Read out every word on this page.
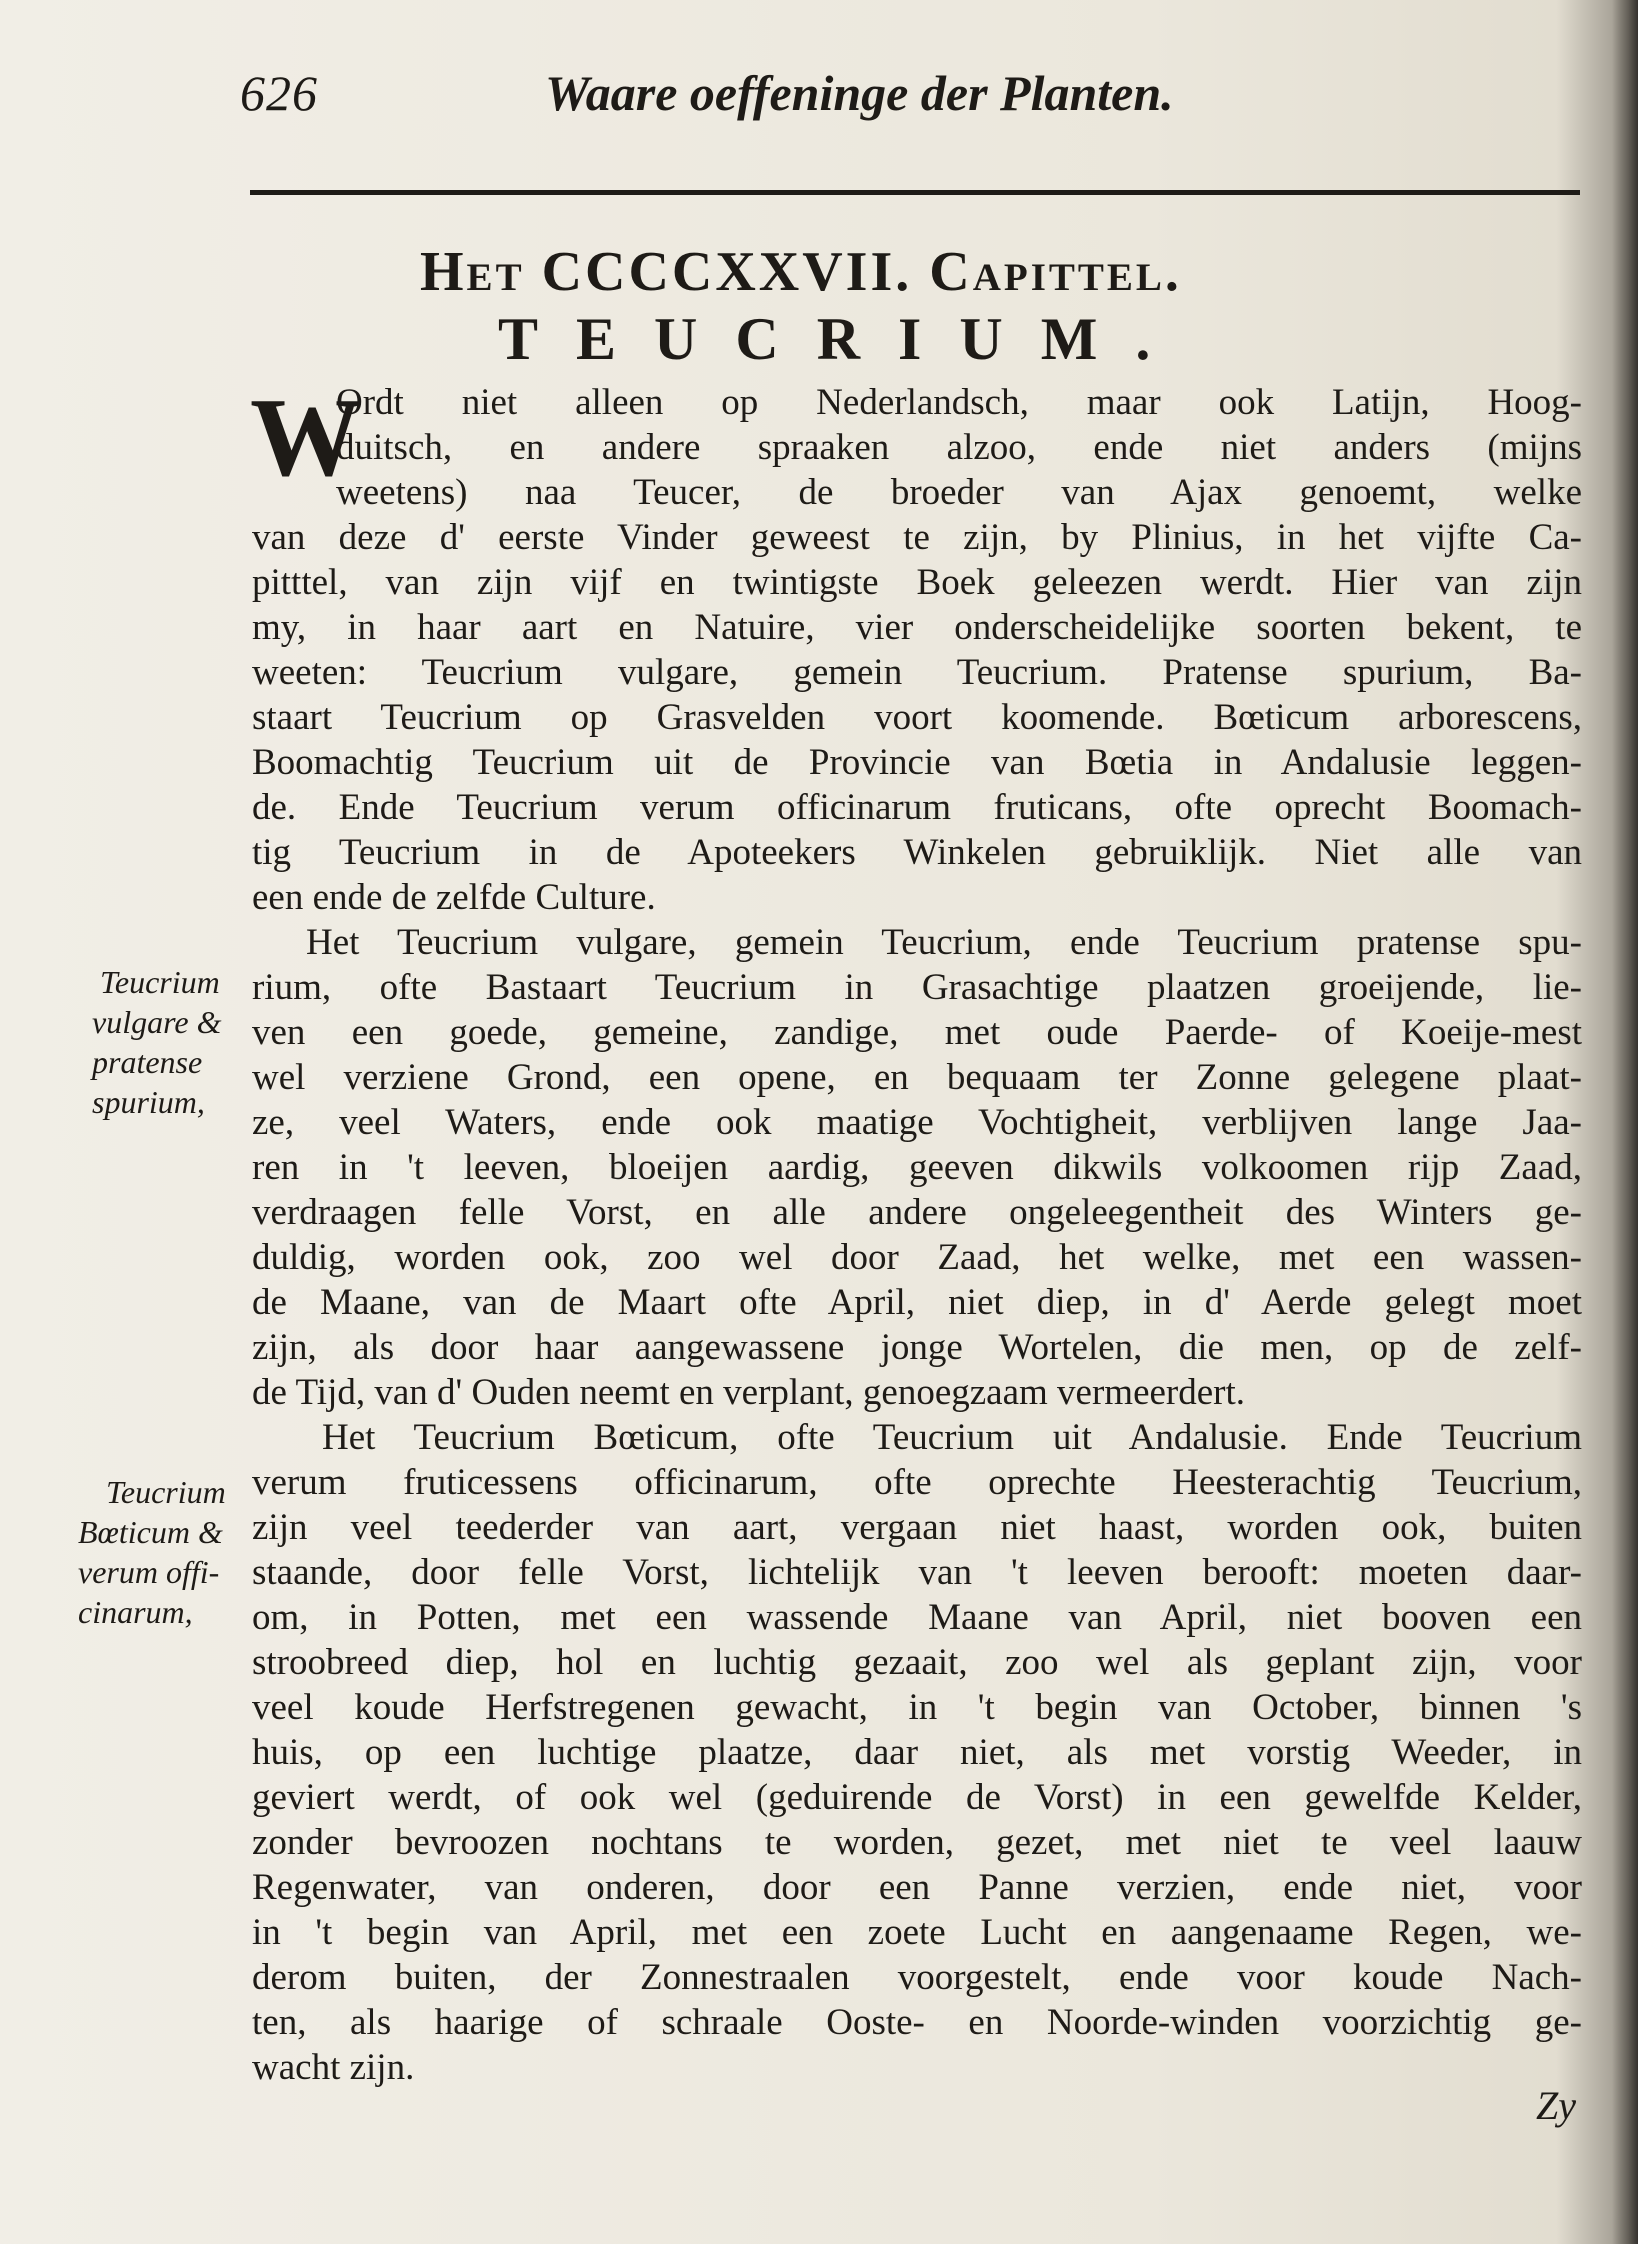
626	Waare oeffeninge der Planten.
Het CCCCXXVII. Capittel.
TEUCRIUM.
W
Ordt niet alleen op Nederlandsch, maar ook Latijn, Hoog-
duitsch, en andere spraaken alzoo, ende niet anders (mijns
weetens) naa Teucer, de broeder van Ajax genoemt, welke
van deze d' eerste Vinder geweest te zijn, by Plinius, in het vijfte Ca-
pitttel, van zijn vijf en twintigste Boek geleezen werdt. Hier van zijn
my, in haar aart en Natuire, vier onderscheidelijke soorten bekent, te
weeten: Teucrium vulgare, gemein Teucrium. Pratense spurium, Ba-
staart Teucrium op Grasvelden voort koomende. Bœticum arborescens,
Boomachtig Teucrium uit de Provincie van Bœtia in Andalusie leggen-
de. Ende Teucrium verum officinarum fruticans, ofte oprecht Boomach-
tig Teucrium in de Apoteekers Winkelen gebruiklijk. Niet alle van
een ende de zelfde Culture.
Het Teucrium vulgare, gemein Teucrium, ende Teucrium pratense spu-
rium, ofte Bastaart Teucrium in Grasachtige plaatzen groeijende, lie-
ven een goede, gemeine, zandige, met oude Paerde- of Koeije-mest
wel verziene Grond, een opene, en bequaam ter Zonne gelegene plaat-
ze, veel Waters, ende ook maatige Vochtigheit, verblijven lange Jaa-
ren in 't leeven, bloeijen aardig, geeven dikwils volkoomen rijp Zaad,
verdraagen felle Vorst, en alle andere ongeleegentheit des Winters ge-
duldig, worden ook, zoo wel door Zaad, het welke, met een wassen-
de Maane, van de Maart ofte April, niet diep, in d' Aerde gelegt moet
zijn, als door haar aangewassene jonge Wortelen, die men, op de zelf-
de Tijd, van d' Ouden neemt en verplant, genoegzaam vermeerdert.
Het Teucrium Bœticum, ofte Teucrium uit Andalusie. Ende Teucrium
verum fruticessens officinarum, ofte oprechte Heesterachtig Teucrium,
zijn veel teederder van aart, vergaan niet haast, worden ook, buiten
staande, door felle Vorst, lichtelijk van 't leeven berooft: moeten daar-
om, in Potten, met een wassende Maane van April, niet booven een
stroobreed diep, hol en luchtig gezaait, zoo wel als geplant zijn, voor
veel koude Herfstregenen gewacht, in 't begin van October, binnen 's
huis, op een luchtige plaatze, daar niet, als met vorstig Weeder, in
geviert werdt, of ook wel (geduirende de Vorst) in een gewelfde Kelder,
zonder bevroozen nochtans te worden, gezet, met niet te veel laauw
Regenwater, van onderen, door een Panne verzien, ende niet, voor
in 't begin van April, met een zoete Lucht en aangenaame Regen, we-
derom buiten, der Zonnestraalen voorgestelt, ende voor koude Nach-
ten, als haarige of schraale Ooste- en Noorde-winden voorzichtig ge-
wacht zijn.
Teucrium
vulgare &
pratense
spurium,
Teucrium
Bœticum &
verum offi-
cinarum,
Zy
